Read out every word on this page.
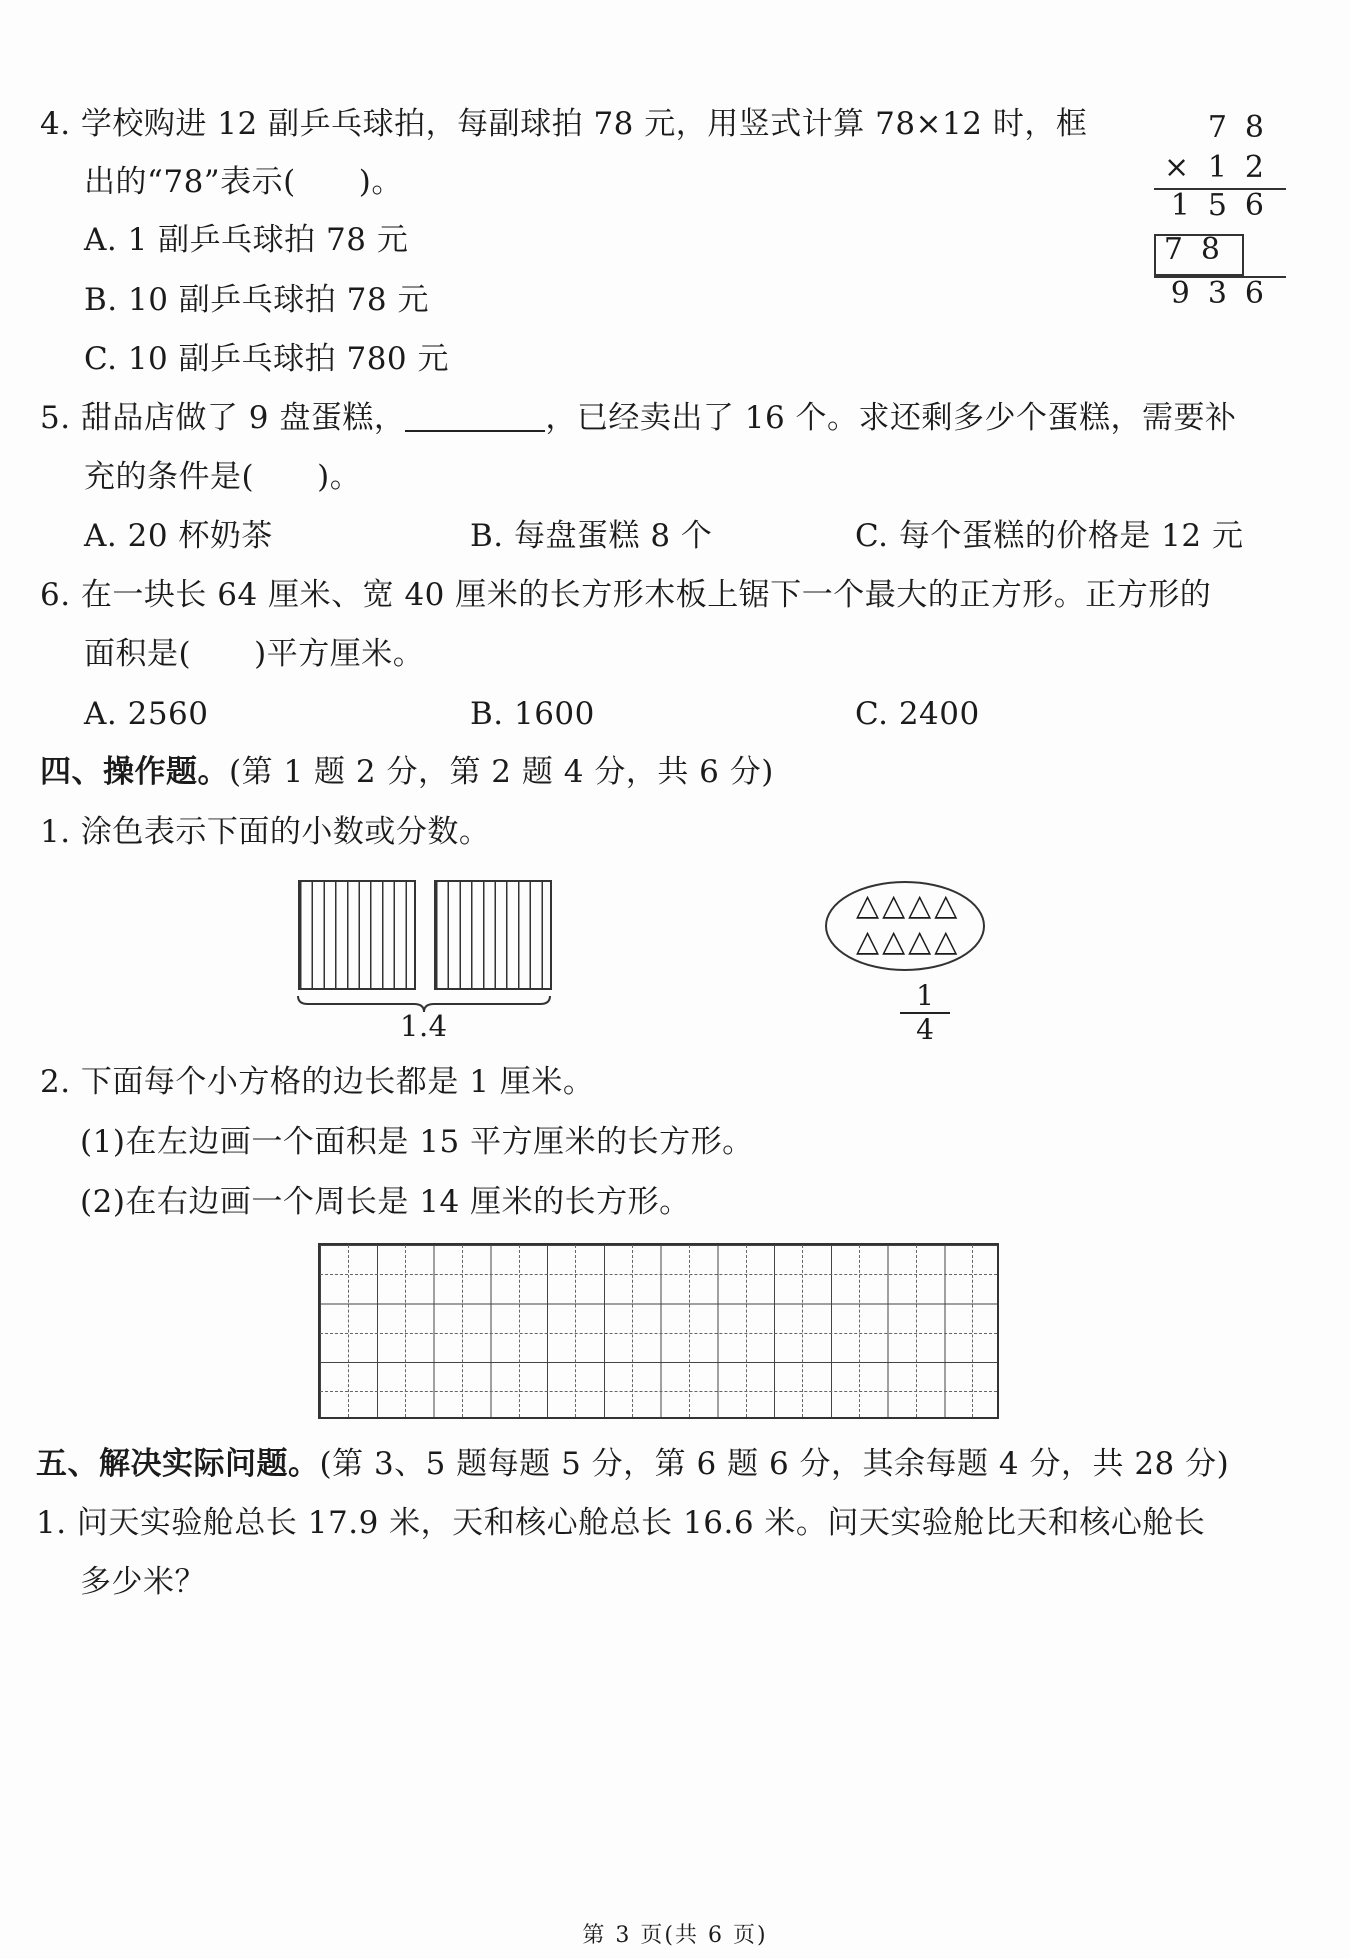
4. 学校购进 12 副乒乓球拍，每副球拍 78 元，用竖式计算 78×12 时，框
出的“78”表示(　　)。
A. 1 副乒乓球拍 78 元
B. 10 副乒乓球拍 78 元
C. 10 副乒乓球拍 780 元
78
× 12
156
78
936
5. 甜品店做了 9 盘蛋糕，	，已经卖出了 16 个。求还剩多少个蛋糕，需要补
充的条件是(　　)。
A. 20 杯奶茶	B. 每盘蛋糕 8 个	C. 每个蛋糕的价格是 12 元
6. 在一块长 64 厘米、宽 40 厘米的长方形木板上锯下一个最大的正方形。正方形的
面积是(　　)平方厘米。
A. 2560	B. 1600	C. 2400
四、操作题。(第 1 题 2 分，第 2 题 4 分，共 6 分)
1. 涂色表示下面的小数或分数。
1.4
△△△△
△△△△
$\frac{1}{4}$
2. 下面每个小方格的边长都是 1 厘米。
(1)在左边画一个面积是 15 平方厘米的长方形。
(2)在右边画一个周长是 14 厘米的长方形。
五、解决实际问题。(第 3、5 题每题 5 分，第 6 题 6 分，其余每题 4 分，共 28 分)
1. 问天实验舱总长 17.9 米，天和核心舱总长 16.6 米。问天实验舱比天和核心舱长
多少米？
第 3 页(共 6 页)
